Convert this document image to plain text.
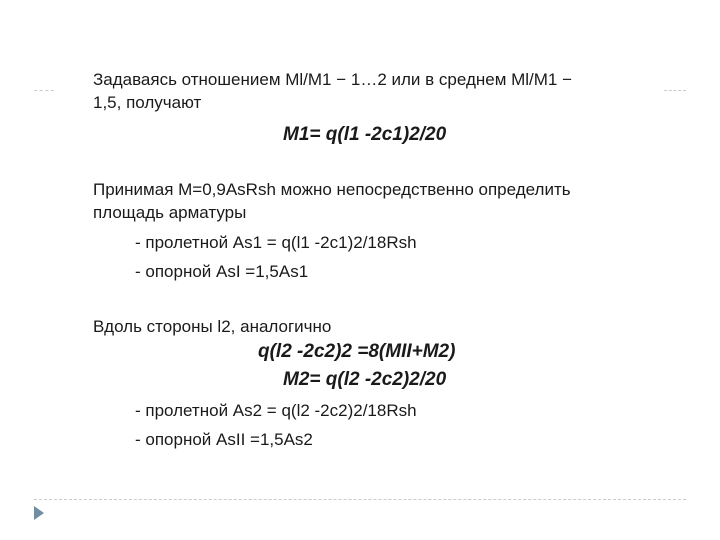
Задаваясь отношением Ml/M1 − 1…2 или в среднем Ml/M1 −

1,5, получают

M1= q(l1 -2c1)2/20

Принимая M=0,9AsRsh можно непосредственно определить

площадь арматуры

- пролетной As1 = q(l1 -2c1)2/18Rsh
- опорной AsI =1,5As1

Вдоль стороны l2, аналогично

q(l2 -2c2)2 =8(MII+M2)
M2= q(l2 -2c2)2/20
- пролетной As2 = q(l2 -2c2)2/18Rsh
- опорной AsII =1,5As2
